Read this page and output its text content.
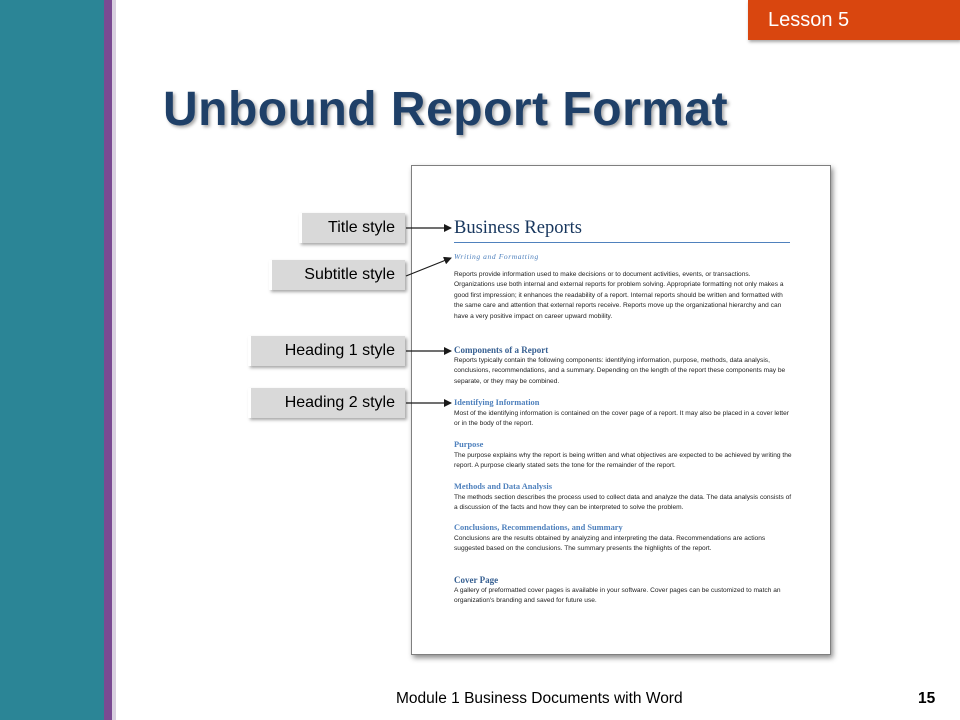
Lesson 5
Unbound Report Format
Title style
Subtitle style
Heading 1 style
Heading 2 style
Business Reports
Writing and Formatting
Reports provide information used to make decisions or to document activities, events, or transactions. Organizations use both internal and external reports for problem solving. Appropriate formatting not only makes a good first impression; it enhances the readability of a report. Internal reports should be written and formatted with the same care and attention that external reports receive. Reports move up the organizational hierarchy and can have a very positive impact on career upward mobility.
Components of a Report
Reports typically contain the following components: identifying information, purpose, methods, data analysis, conclusions, recommendations, and a summary. Depending on the length of the report these components may be separate, or they may be combined.
Identifying Information
Most of the identifying information is contained on the cover page of a report. It may also be placed in a cover letter or in the body of the report.
Purpose
The purpose explains why the report is being written and what objectives are expected to be achieved by writing the report. A purpose clearly stated sets the tone for the remainder of the report.
Methods and Data Analysis
The methods section describes the process used to collect data and analyze the data. The data analysis consists of a discussion of the facts and how they can be interpreted to solve the problem.
Conclusions, Recommendations, and Summary
Conclusions are the results obtained by analyzing and interpreting the data. Recommendations are actions suggested based on the conclusions. The summary presents the highlights of the report.
Cover Page
A gallery of preformatted cover pages is available in your software. Cover pages can be customized to match an organization's branding and saved for future use.
Module 1 Business Documents with Word	15
